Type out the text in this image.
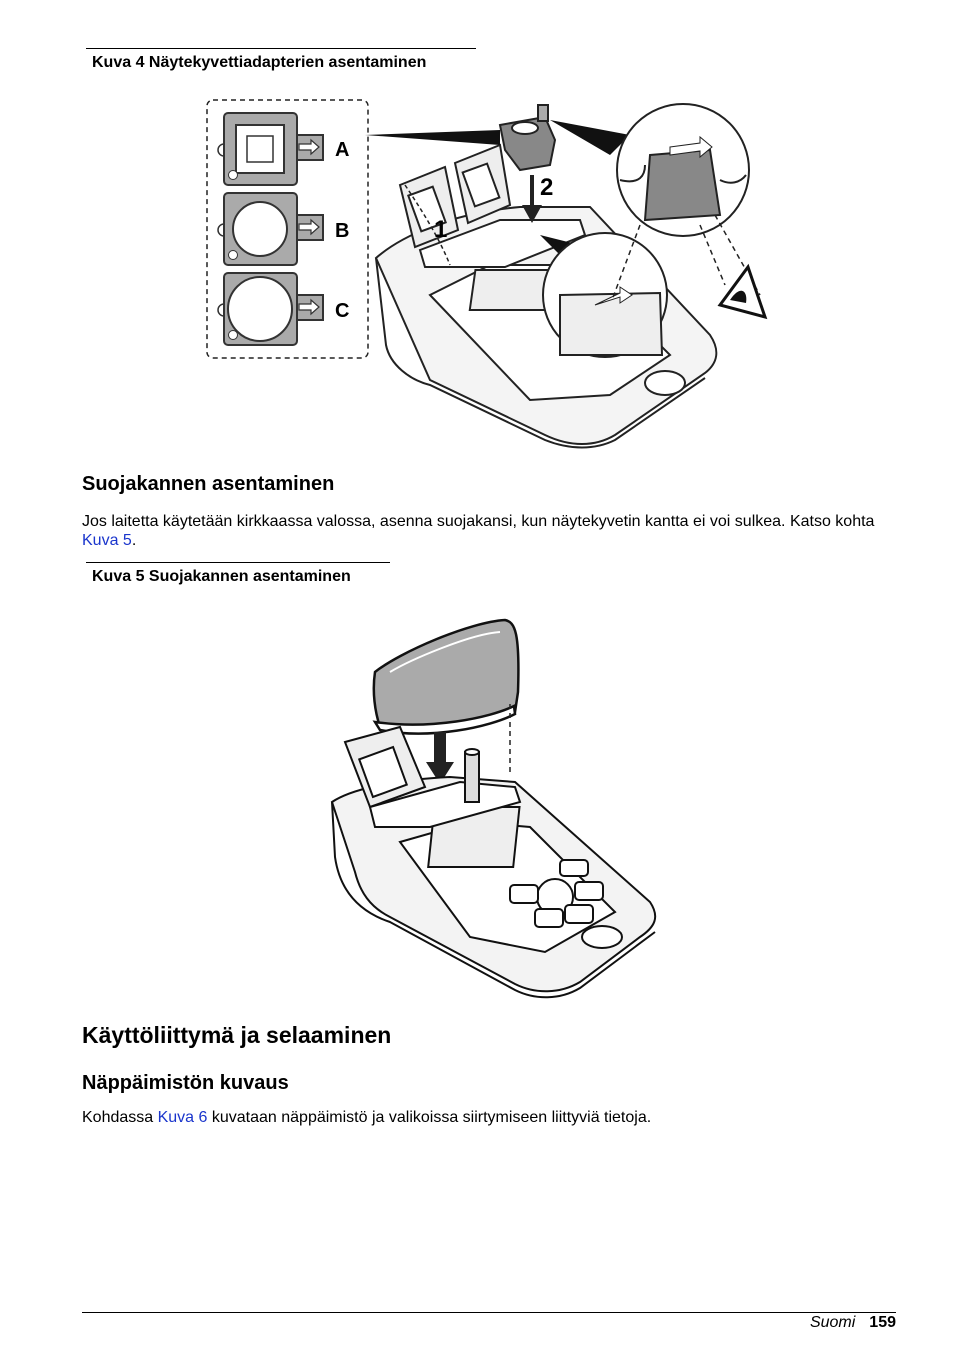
Kuva 4 Näytekyvettiadapterien asentaminen
A
B
C
1
2
Suojakannen asentaminen

Jos laitetta käytetään kirkkaassa valossa, asenna suojakansi, kun näytekyvetin kantta ei voi sulkea. Katso kohta Kuva 5.

Kuva 5 Suojakannen asentaminen
Käyttöliittymä ja selaaminen
Näppäimistön kuvaus

Kohdassa Kuva 6 kuvataan näppäimistö ja valikoissa siirtymiseen liittyviä tietoja.

Suomi 159
